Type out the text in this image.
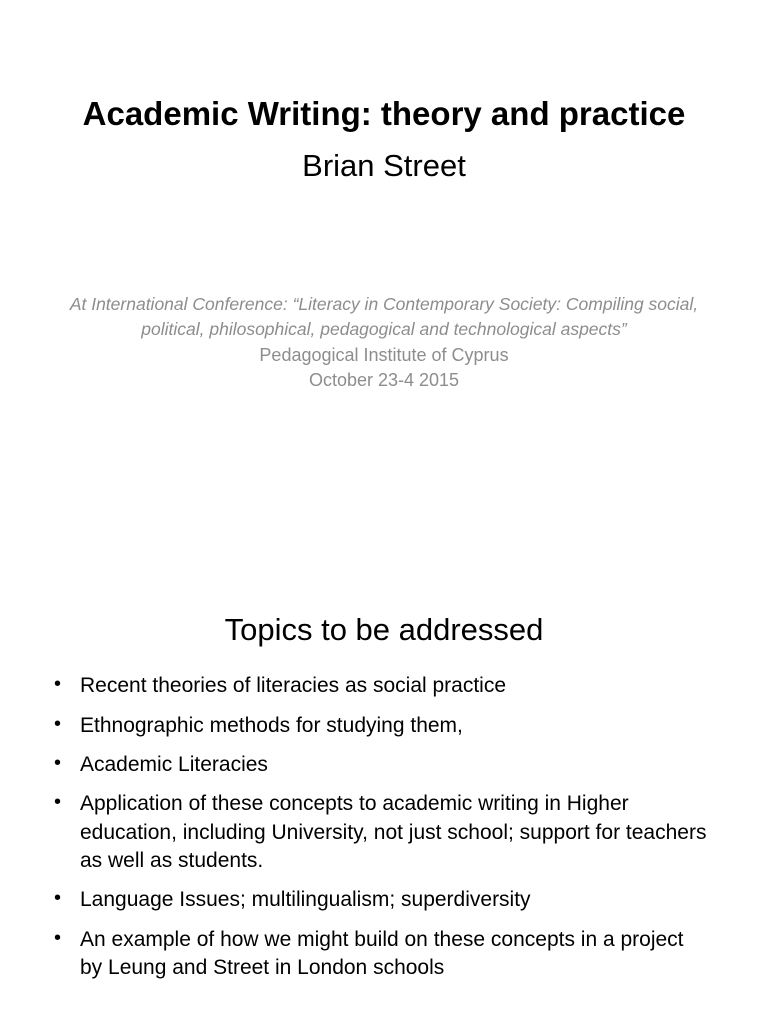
Academic Writing: theory and practice
Brian Street
At International Conference: “Literacy in Contemporary Society: Compiling social, political, philosophical, pedagogical and technological aspects”
Pedagogical Institute of Cyprus
October 23-4 2015
Topics to be addressed
• Recent theories of literacies as social practice
• Ethnographic methods for studying them,
• Academic Literacies
• Application of these concepts to academic writing in Higher education, including University, not just school; support for teachers as well as students.
• Language Issues; multilingualism; superdiversity
• An example of how we might build on these concepts in a project by Leung and Street in London schools
